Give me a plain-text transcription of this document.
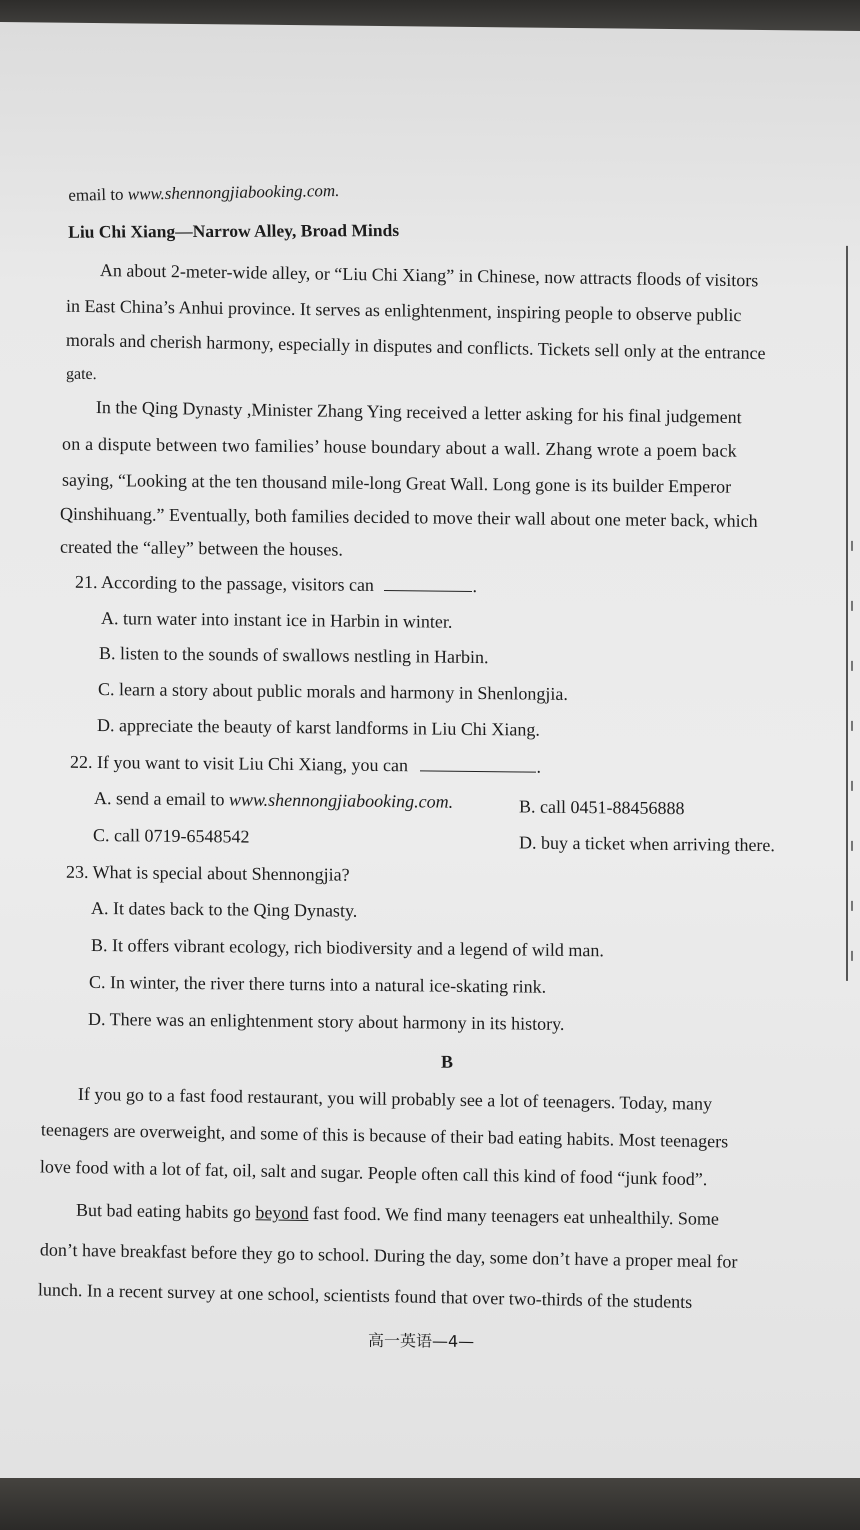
email to www.shennongjiabooking.com.
Liu Chi Xiang—Narrow Alley, Broad Minds
An about 2-meter-wide alley, or “Liu Chi Xiang” in Chinese, now attracts floods of visitors
in East China’s Anhui province. It serves as enlightenment, inspiring people to observe public
morals and cherish harmony, especially in disputes and conflicts. Tickets sell only at the entrance
gate.
In the Qing Dynasty ,Minister Zhang Ying received a letter asking for his final judgement
on a dispute between two families’ house boundary about a wall. Zhang wrote a poem back
saying, “Looking at the ten thousand mile-long Great Wall. Long gone is its builder Emperor
Qinshihuang.” Eventually, both families decided to move their wall about one meter back, which
created the “alley” between the houses.
21. According to the passage, visitors can	.
A. turn water into instant ice in Harbin in winter.
B. listen to the sounds of swallows nestling in Harbin.
C. learn a story about public morals and harmony in Shenlongjia.
D. appreciate the beauty of karst landforms in Liu Chi Xiang.
22. If you want to visit Liu Chi Xiang, you can	.
A. send a email to www.shennongjiabooking.com.	B. call 0451-88456888
C. call 0719-6548542	D. buy a ticket when arriving there.
23. What is special about Shennongjia?
A. It dates back to the Qing Dynasty.
B. It offers vibrant ecology, rich biodiversity and a legend of wild man.
C. In winter, the river there turns into a natural ice-skating rink.
D. There was an enlightenment story about harmony in its history.
B
If you go to a fast food restaurant, you will probably see a lot of teenagers. Today, many
teenagers are overweight, and some of this is because of their bad eating habits. Most teenagers
love food with a lot of fat, oil, salt and sugar. People often call this kind of food “junk food”.
But bad eating habits go beyond fast food. We find many teenagers eat unhealthily. Some
don’t have breakfast before they go to school. During the day, some don’t have a proper meal for
lunch. In a recent survey at one school, scientists found that over two-thirds of the students
高一英语—4—
